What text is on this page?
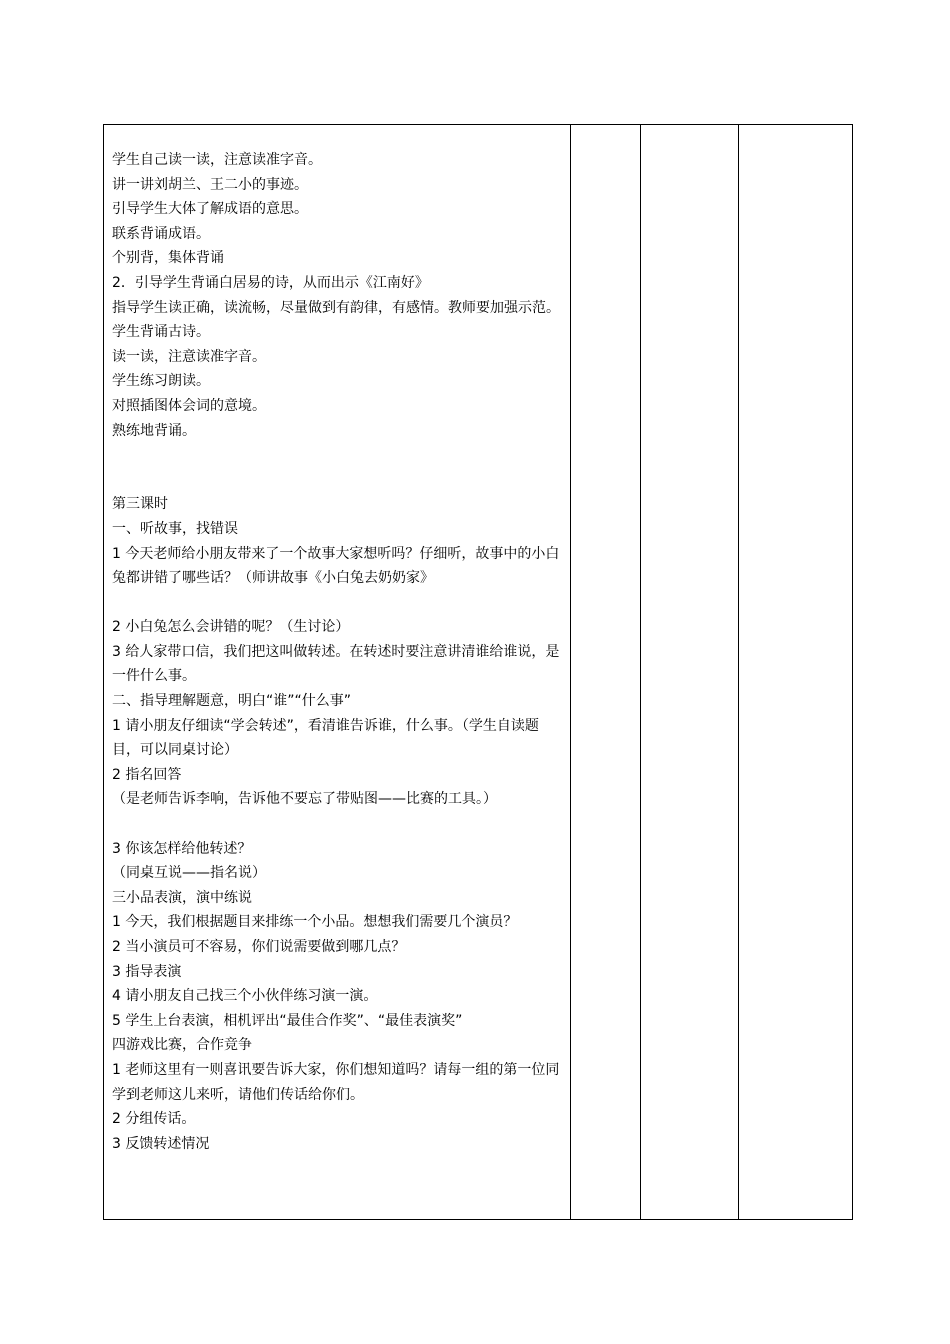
学生自己读一读，注意读准字音。
讲一讲刘胡兰、王二小的事迹。
引导学生大体了解成语的意思。
联系背诵成语。
个别背，集体背诵
2．引导学生背诵白居易的诗，从而出示《江南好》
指导学生读正确，读流畅，尽量做到有韵律，有感情。教师要加强示范。
学生背诵古诗。
读一读，注意读准字音。
学生练习朗读。
对照插图体会词的意境。
熟练地背诵。
第三课时
一、听故事，找错误
1 今天老师给小朋友带来了一个故事大家想听吗？仔细听，故事中的小白兔都讲错了哪些话？（师讲故事《小白兔去奶奶家》
2 小白兔怎么会讲错的呢？（生讨论）
3 给人家带口信，我们把这叫做转述。在转述时要注意讲清谁给谁说，是一件什么事。
二、指导理解题意，明白“谁”“什么事”
1 请小朋友仔细读“学会转述”，看清谁告诉谁，什么事。（学生自读题目，可以同桌讨论）
2 指名回答
（是老师告诉李响，告诉他不要忘了带贴图——比赛的工具。）
3 你该怎样给他转述？
（同桌互说——指名说）
三小品表演，演中练说
1 今天，我们根据题目来排练一个小品。想想我们需要几个演员？
2 当小演员可不容易，你们说需要做到哪几点？
3 指导表演
4 请小朋友自己找三个小伙伴练习演一演。
5 学生上台表演，相机评出“最佳合作奖”、“最佳表演奖”
四游戏比赛，合作竞争
1 老师这里有一则喜讯要告诉大家，你们想知道吗？请每一组的第一位同学到老师这儿来听，请他们传话给你们。
2 分组传话。
3 反馈转述情况
